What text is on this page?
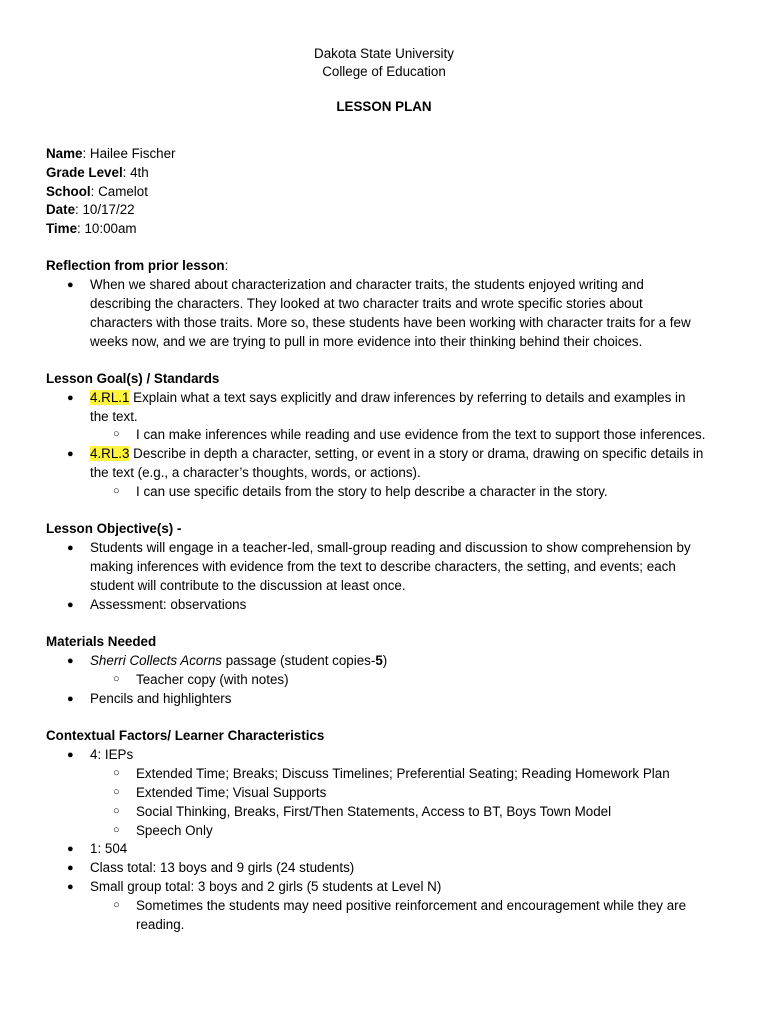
Dakota State University
College of Education
LESSON PLAN
Name: Hailee Fischer
Grade Level: 4th
School: Camelot
Date: 10/17/22
Time: 10:00am
Reflection from prior lesson:
● When we shared about characterization and character traits, the students enjoyed writing and
describing the characters. They looked at two character traits and wrote specific stories about
characters with those traits. More so, these students have been working with character traits for a few
weeks now, and we are trying to pull in more evidence into their thinking behind their choices.
Lesson Goal(s) / Standards
● 4.RL.1 Explain what a text says explicitly and draw inferences by referring to details and examples in
the text.
○ I can make inferences while reading and use evidence from the text to support those inferences.
● 4.RL.3 Describe in depth a character, setting, or event in a story or drama, drawing on specific details in
the text (e.g., a character’s thoughts, words, or actions).
○ I can use specific details from the story to help describe a character in the story.
Lesson Objective(s) -
● Students will engage in a teacher-led, small-group reading and discussion to show comprehension by
making inferences with evidence from the text to describe characters, the setting, and events; each
student will contribute to the discussion at least once.
● Assessment: observations
Materials Needed
● Sherri Collects Acorns passage (student copies-5)
○ Teacher copy (with notes)
● Pencils and highlighters
Contextual Factors/ Learner Characteristics
● 4: IEPs
○ Extended Time; Breaks; Discuss Timelines; Preferential Seating; Reading Homework Plan
○ Extended Time; Visual Supports
○ Social Thinking, Breaks, First/Then Statements, Access to BT, Boys Town Model
○ Speech Only
● 1: 504
● Class total: 13 boys and 9 girls (24 students)
● Small group total: 3 boys and 2 girls (5 students at Level N)
○ Sometimes the students may need positive reinforcement and encouragement while they are
reading.
